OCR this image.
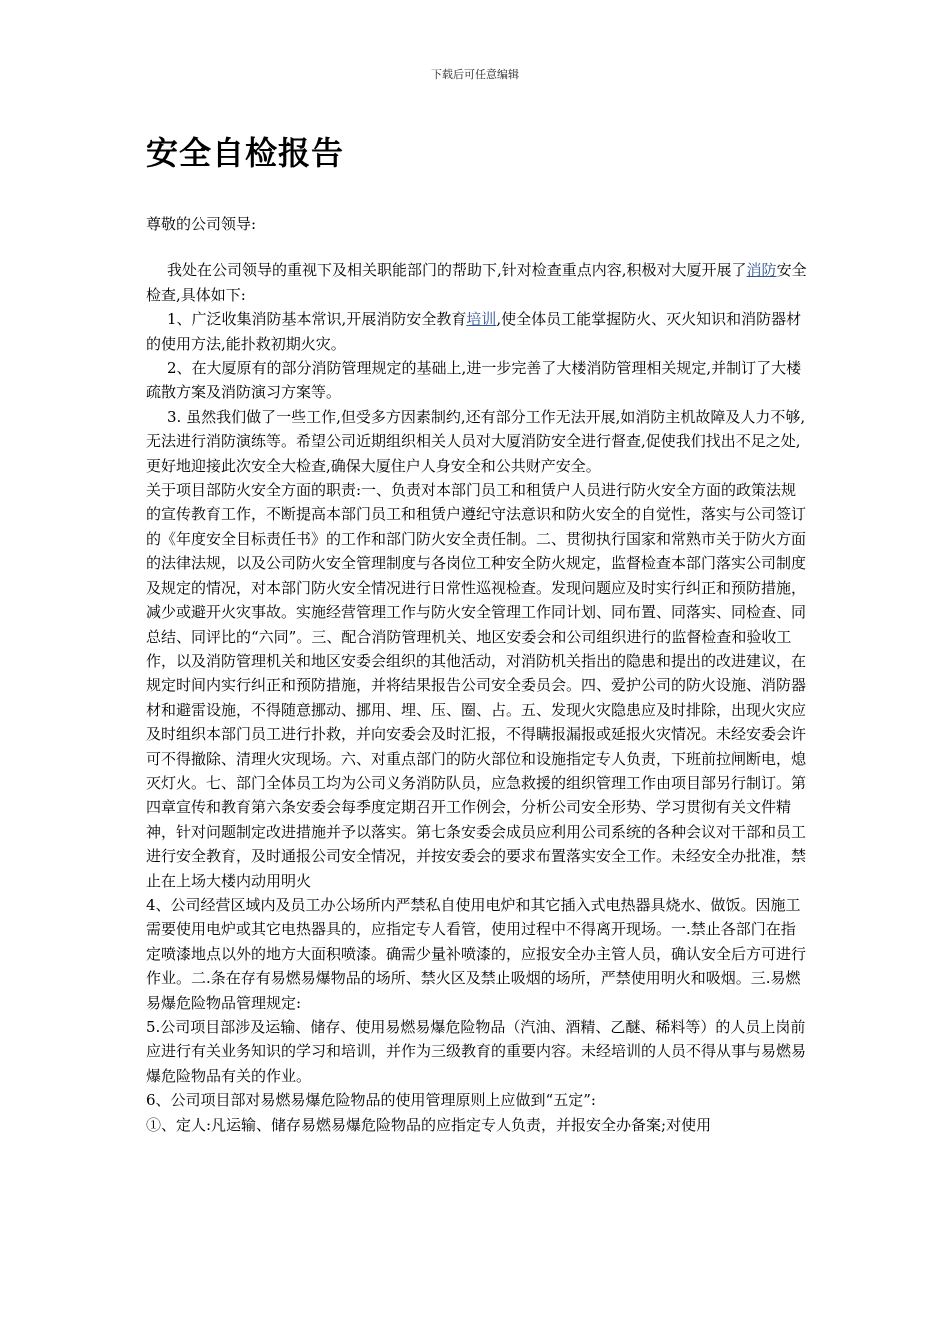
下载后可任意编辑
安全自检报告

尊敬的公司领导:

我处在公司领导的重视下及相关职能部门的帮助下,针对检查重点内容,积极对大厦开展了消防安全检查,具体如下:

1、广泛收集消防基本常识,开展消防安全教育培训,使全体员工能掌握防火、灭火知识和消防器材的使用方法,能扑救初期火灾。

2、在大厦原有的部分消防管理规定的基础上,进一步完善了大楼消防管理相关规定,并制订了大楼疏散方案及消防演习方案等。

3. 虽然我们做了一些工作,但受多方因素制约,还有部分工作无法开展,如消防主机故障及人力不够,无法进行消防演练等。希望公司近期组织相关人员对大厦消防安全进行督查,促使我们找出不足之处,更好地迎接此次安全大检查,确保大厦住户人身安全和公共财产安全。

关于项目部防火安全方面的职责:一、负责对本部门员工和租赁户人员进行防火安全方面的政策法规的宣传教育工作，不断提高本部门员工和租赁户遵纪守法意识和防火安全的自觉性，落实与公司签订的《年度安全目标责任书》的工作和部门防火安全责任制。二、贯彻执行国家和常熟市关于防火方面的法律法规，以及公司防火安全管理制度与各岗位工种安全防火规定，监督检查本部门落实公司制度及规定的情况，对本部门防火安全情况进行日常性巡视检查。发现问题应及时实行纠正和预防措施，减少或避开火灾事故。实施经营管理工作与防火安全管理工作同计划、同布置、同落实、同检查、同总结、同评比的“六同”。三、配合消防管理机关、地区安委会和公司组织进行的监督检查和验收工作，以及消防管理机关和地区安委会组织的其他活动，对消防机关指出的隐患和提出的改进建议，在规定时间内实行纠正和预防措施，并将结果报告公司安全委员会。四、爱护公司的防火设施、消防器材和避雷设施，不得随意挪动、挪用、埋、压、圈、占。五、发现火灾隐患应及时排除，出现火灾应及时组织本部门员工进行扑救，并向安委会及时汇报，不得瞒报漏报或延报火灾情况。未经安委会许可不得撤除、清理火灾现场。六、对重点部门的防火部位和设施指定专人负责，下班前拉闸断电，熄灭灯火。七、部门全体员工均为公司义务消防队员，应急救援的组织管理工作由项目部另行制订。第四章宣传和教育第六条安委会每季度定期召开工作例会，分析公司安全形势、学习贯彻有关文件精神，针对问题制定改进措施并予以落实。第七条安委会成员应利用公司系统的各种会议对干部和员工进行安全教育，及时通报公司安全情况，并按安委会的要求布置落实安全工作。未经安全办批准，禁止在上场大楼内动用明火

4、公司经营区域内及员工办公场所内严禁私自使用电炉和其它插入式电热器具烧水、做饭。因施工需要使用电炉或其它电热器具的，应指定专人看管，使用过程中不得离开现场。一.禁止各部门在指定喷漆地点以外的地方大面积喷漆。确需少量补喷漆的，应报安全办主管人员，确认安全后方可进行作业。二.条在存有易燃易爆物品的场所、禁火区及禁止吸烟的场所，严禁使用明火和吸烟。三.易燃易爆危险物品管理规定:

5.公司项目部涉及运输、储存、使用易燃易爆危险物品（汽油、酒精、乙醚、稀料等）的人员上岗前应进行有关业务知识的学习和培训，并作为三级教育的重要内容。未经培训的人员不得从事与易燃易爆危险物品有关的作业。

6、公司项目部对易燃易爆危险物品的使用管理原则上应做到“五定”:

①、定人:凡运输、储存易燃易爆危险物品的应指定专人负责，并报安全办备案;对使用
